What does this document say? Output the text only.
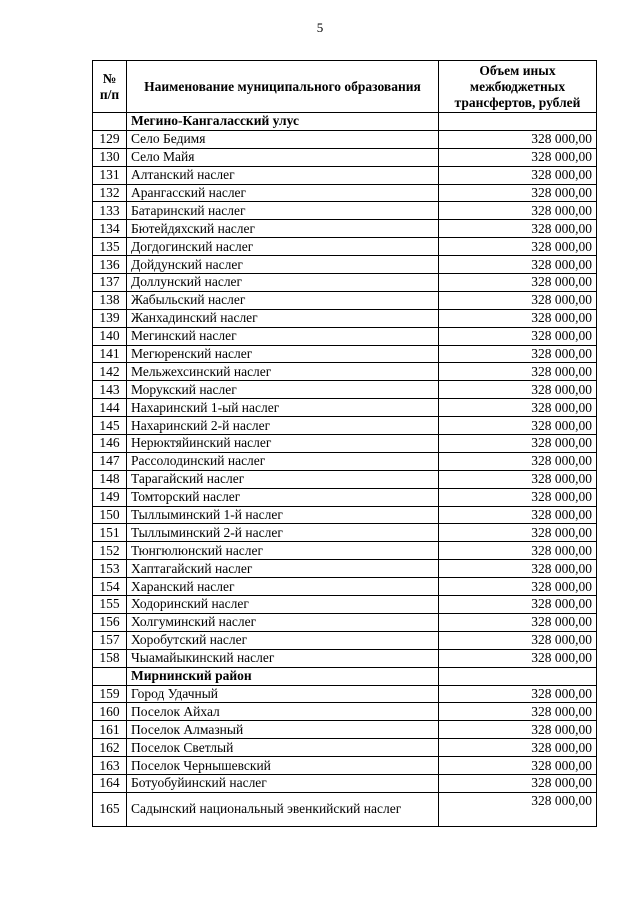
5
№
п/п	Наименование муниципального образования	Объем иных межбюджетных трансфертов, рублей
	Мегино-Кангаласский улус	
129	Село Бедимя	328 000,00
130	Село Майя	328 000,00
131	Алтанский наслег	328 000,00
132	Арангасский наслег	328 000,00
133	Батаринский наслег	328 000,00
134	Бютейдяхский наслег	328 000,00
135	Догдогинский наслег	328 000,00
136	Дойдунский наслег	328 000,00
137	Доллунский наслег	328 000,00
138	Жабыльский наслег	328 000,00
139	Жанхадинский наслег	328 000,00
140	Мегинский наслег	328 000,00
141	Мегюренский наслег	328 000,00
142	Мельжехсинский наслег	328 000,00
143	Морукский наслег	328 000,00
144	Нахаринский 1-ый наслег	328 000,00
145	Нахаринский 2-й наслег	328 000,00
146	Нерюктяйинский наслег	328 000,00
147	Рассолодинский наслег	328 000,00
148	Тарагайский наслег	328 000,00
149	Томторский наслег	328 000,00
150	Тыллыминский 1-й наслег	328 000,00
151	Тыллыминский 2-й наслег	328 000,00
152	Тюнгюлюнский наслег	328 000,00
153	Хаптагайский наслег	328 000,00
154	Харанский наслег	328 000,00
155	Ходоринский наслег	328 000,00
156	Холгуминский наслег	328 000,00
157	Хоробутский наслег	328 000,00
158	Чыамайыкинский наслег	328 000,00
	Мирнинский район	
159	Город Удачный	328 000,00
160	Поселок Айхал	328 000,00
161	Поселок Алмазный	328 000,00
162	Поселок Светлый	328 000,00
163	Поселок Чернышевский	328 000,00
164	Ботуобуйинский наслег	328 000,00
165	Садынский национальный эвенкийский наслег	328 000,00
